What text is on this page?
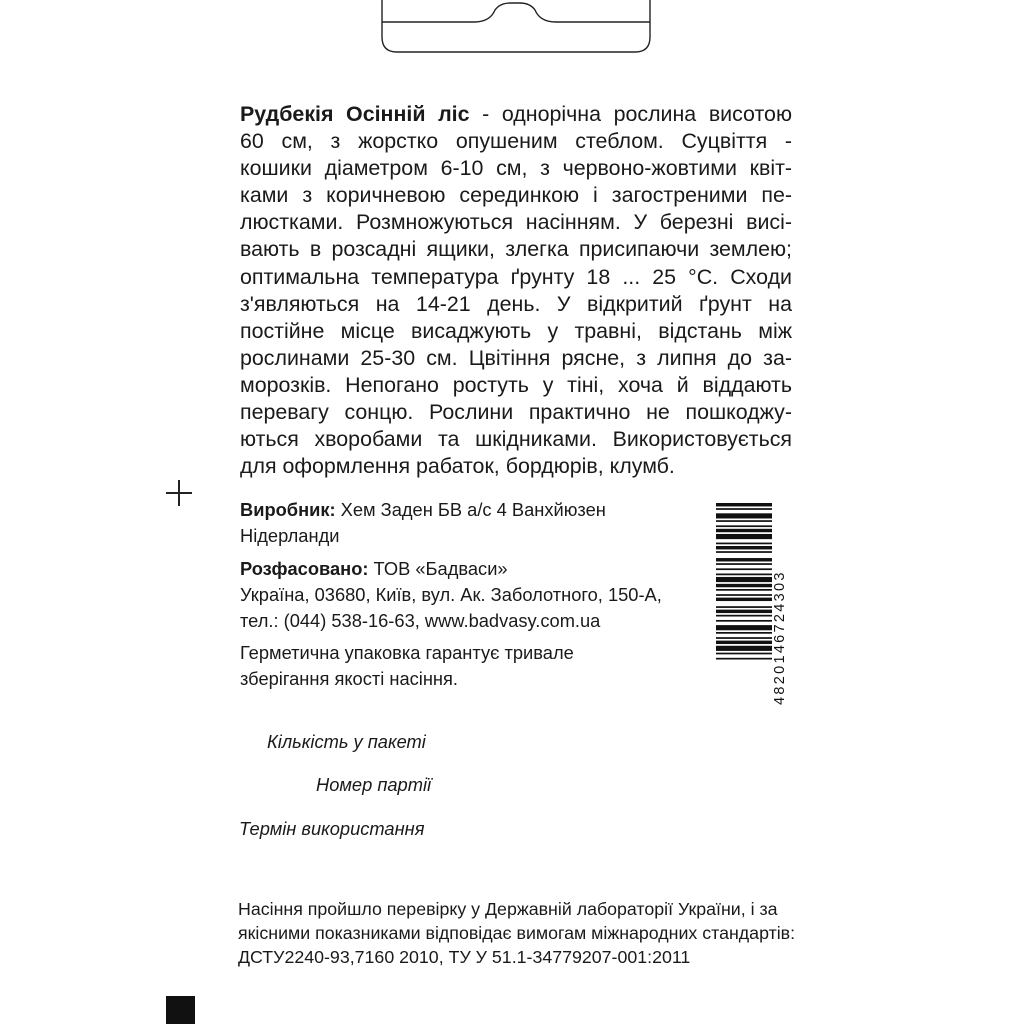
Рудбекія Осінній ліс - однорічна рослина висотою
60 см, з жорстко опушеним стеблом. Суцвіття -
кошики діаметром 6-10 см, з червоно-жовтими квіт-
ками з коричневою серединкою і загостреними пе-
люстками. Розмножуються насінням. У березні висі-
вають в розсадні ящики, злегка присипаючи землею;
оптимальна температура ґрунту 18 ... 25 °С. Сходи
з'являються на 14-21 день. У відкритий ґрунт на
постійне місце висаджують у травні, відстань між
рослинами 25-30 см. Цвітіння рясне, з липня до за-
морозків. Непогано ростуть у тіні, хоча й віддають
перевагу сонцю. Рослини практично не пошкоджу-
ються хворобами та шкідниками. Використовується
для оформлення рабаток, бордюрів, клумб.
Виробник: Хем Заден БВ а/с 4 Ванхйюзен
Нідерланди
Розфасовано: ТОВ «Бадваси»
Україна, 03680, Київ, вул. Ак. Заболотного, 150-А,
тел.: (044) 538-16-63, www.badvasy.com.ua
Герметична упаковка гарантує тривале
зберігання якості насіння.
Кількість у пакеті
Номер партії
Термін використання
Насіння пройшло перевірку у Державній лабораторії України, і за
якісними показниками відповідає вимогам міжнародних стандартів:
ДСТУ2240-93,7160 2010, ТУ У 51.1-34779207-001:2011
4820146724303
